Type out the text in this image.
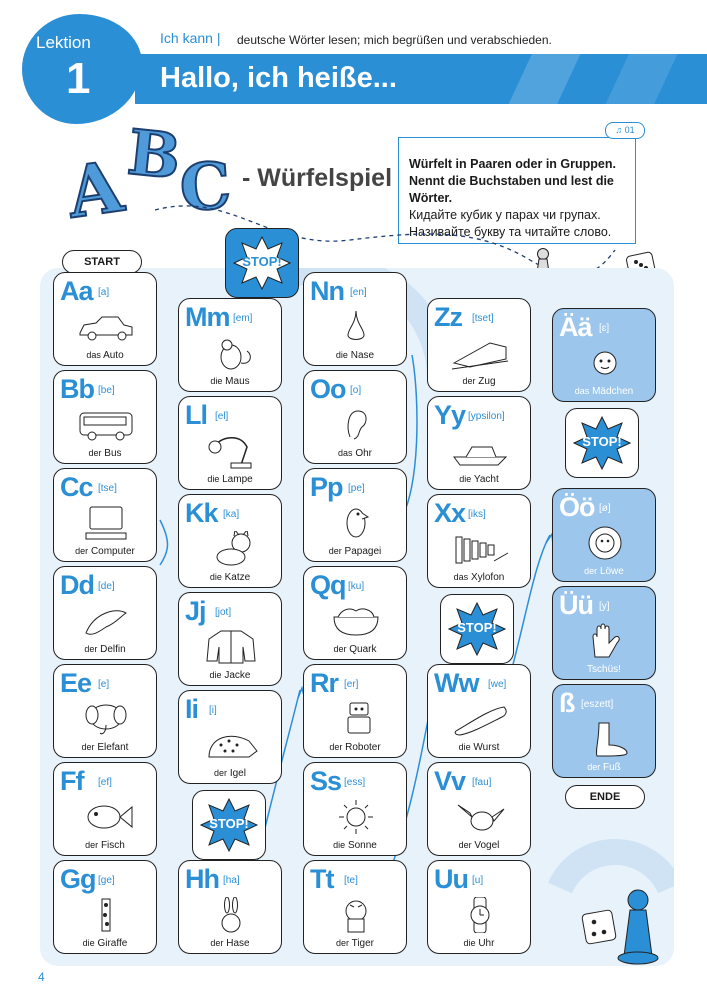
Lektion
1
Ich kann | deutsche Wörter lesen; mich begrüßen und verabschieden.
Hallo, ich heiße...
A
B
C - Würfelspiel Würfelt in Paaren oder in Gruppen. Nennt die Buchstaben und lest die Wörter.
Кидайте кубик у парах чи групах. Називайте букву та читайте слово.
♫ 01
START
ENDE
STOP!
STOP!
STOP!
STOP!
Aa [a]
das Auto
Bb [be]
der Bus
Cc [tse]
der Computer
Dd [de]
der Delfin
Ee [e]
der Elefant
Ff [ef]
der Fisch
Gg [ge]
die Giraffe
Mm [em]
die Maus
Ll [el]
die Lampe
Kk [ka]
die Katze
Jj [jot]
die Jacke
Ii [i]
der Igel
Hh [ha]
der Hase
Nn [en]
die Nase
Oo [o]
das Ohr
Pp [pe]
der Papagei
Qq [ku]
der Quark
Rr [er]
der Roboter
Ss [ess]
die Sonne
Tt [te]
der Tiger
Zz [tset]
der Zug
Yy [ypsilon]
die Yacht
Xx [iks]
das Xylofon
Ww [we]
die Wurst
Vv [fau]
der Vogel
Uu [u]
die Uhr
Ää [ɛ]
das Mädchen
Öö [ø]
der Löwe
Üü [y]
Tschüs!
ß [eszett]
der Fuß
4
